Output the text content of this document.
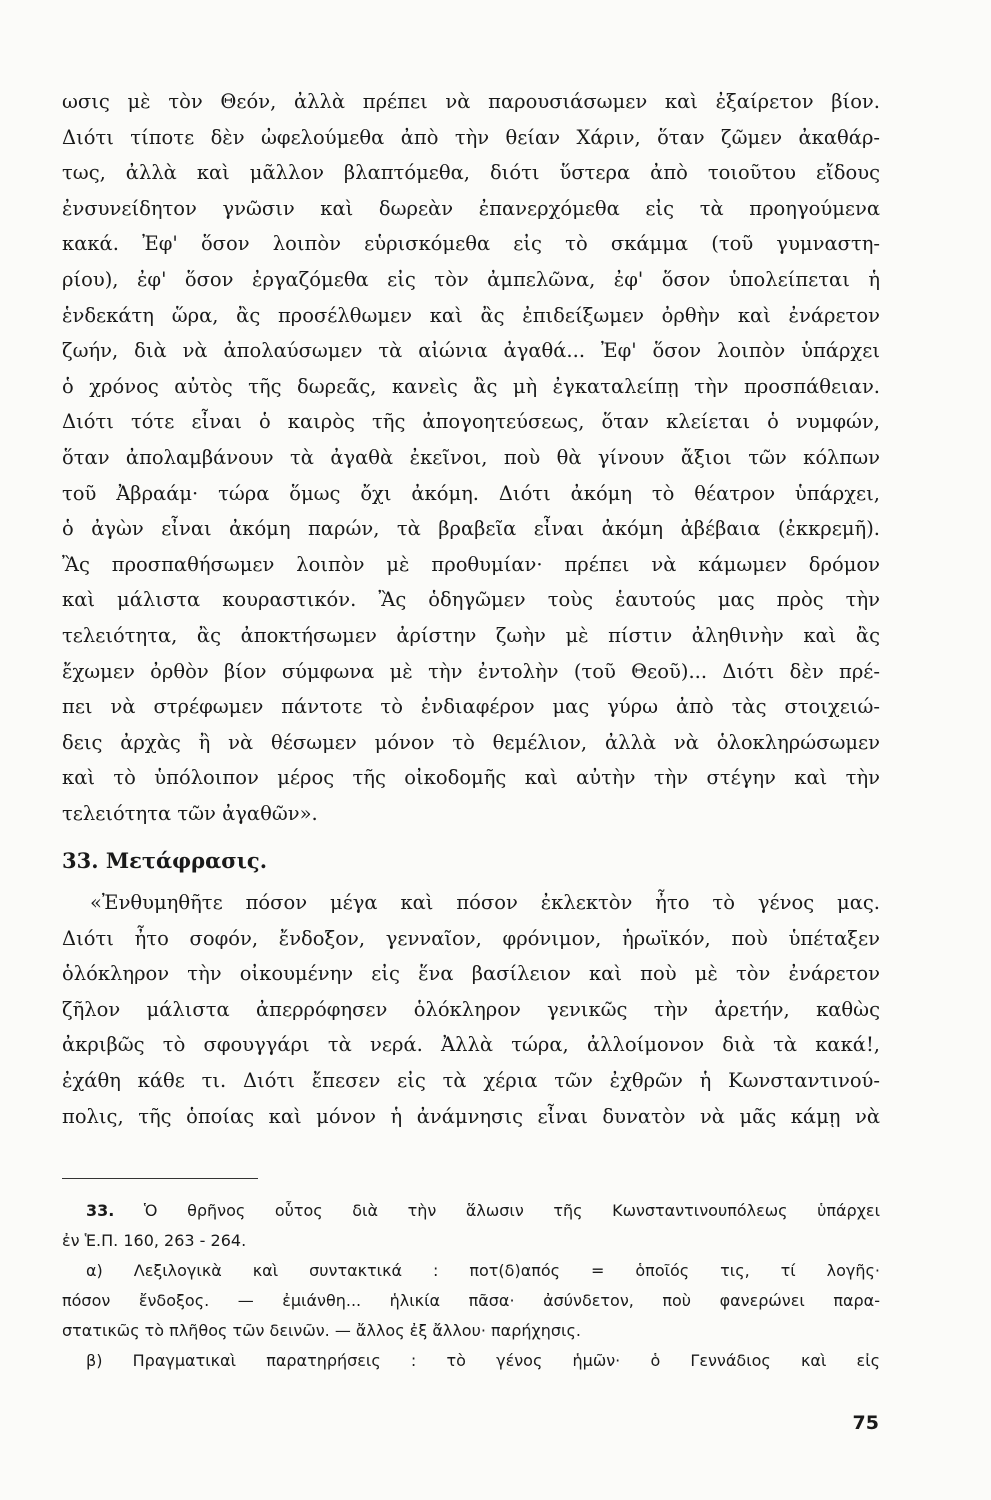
ωσις μὲ τὸν Θεόν, ἀλλὰ πρέπει νὰ παρουσιάσωμεν καὶ ἐξαίρετον βίον.
Διότι τίποτε δὲν ὠφελούμεθα ἀπὸ τὴν θείαν Χάριν, ὅταν ζῶμεν ἀκαθάρ-
τως, ἀλλὰ καὶ μᾶλλον βλαπτόμεθα, διότι ὕστερα ἀπὸ τοιοῦτου εἴδους
ἐνσυνείδητον γνῶσιν καὶ δωρεὰν ἐπανερχόμεθα εἰς τὰ προηγούμενα
κακά. Ἐφ' ὅσον λοιπὸν εὑρισκόμεθα εἰς τὸ σκάμμα (τοῦ γυμναστη-
ρίου), ἐφ' ὅσον ἐργαζόμεθα εἰς τὸν ἀμπελῶνα, ἐφ' ὅσον ὑπολείπεται ἡ
ἑνδεκάτη ὥρα, ἂς προσέλθωμεν καὶ ἂς ἐπιδείξωμεν ὀρθὴν καὶ ἐνάρετον
ζωήν, διὰ νὰ ἀπολαύσωμεν τὰ αἰώνια ἀγαθά... Ἐφ' ὅσον λοιπὸν ὑπάρχει
ὁ χρόνος αὐτὸς τῆς δωρεᾶς, κανεὶς ἂς μὴ ἐγκαταλείπῃ τὴν προσπάθειαν.
Διότι τότε εἶναι ὁ καιρὸς τῆς ἀπογοητεύσεως, ὅταν κλείεται ὁ νυμφών,
ὅταν ἀπολαμβάνουν τὰ ἀγαθὰ ἐκεῖνοι, ποὺ θὰ γίνουν ἄξιοι τῶν κόλπων
τοῦ Ἀβραάμ· τώρα ὅμως ὄχι ἀκόμη. Διότι ἀκόμη τὸ θέατρον ὑπάρχει,
ὁ ἀγὼν εἶναι ἀκόμη παρών, τὰ βραβεῖα εἶναι ἀκόμη ἀβέβαια (ἐκκρεμῆ).
Ἂς προσπαθήσωμεν λοιπὸν μὲ προθυμίαν· πρέπει νὰ κάμωμεν δρόμον
καὶ μάλιστα κουραστικόν. Ἂς ὁδηγῶμεν τοὺς ἑαυτούς μας πρὸς τὴν
τελειότητα, ἂς ἀποκτήσωμεν ἀρίστην ζωὴν μὲ πίστιν ἀληθινὴν καὶ ἂς
ἔχωμεν ὀρθὸν βίον σύμφωνα μὲ τὴν ἐντολὴν (τοῦ Θεοῦ)... Διότι δὲν πρέ-
πει νὰ στρέφωμεν πάντοτε τὸ ἐνδιαφέρον μας γύρω ἀπὸ τὰς στοιχειώ-
δεις ἀρχὰς ἢ νὰ θέσωμεν μόνον τὸ θεμέλιον, ἀλλὰ νὰ ὁλοκληρώσωμεν
καὶ τὸ ὑπόλοιπον μέρος τῆς οἰκοδομῆς καὶ αὐτὴν τὴν στέγην καὶ τὴν
τελειότητα τῶν ἀγαθῶν».

33. Μετάφρασις.

«Ἐνθυμηθῆτε πόσον μέγα καὶ πόσον ἐκλεκτὸν ἦτο τὸ γένος μας.
Διότι ἦτο σοφόν, ἔνδοξον, γενναῖον, φρόνιμον, ἡρωϊκόν, ποὺ ὑπέταξεν
ὁλόκληρον τὴν οἰκουμένην εἰς ἕνα βασίλειον καὶ ποὺ μὲ τὸν ἐνάρετον
ζῆλον μάλιστα ἀπερρόφησεν ὁλόκληρον γενικῶς τὴν ἀρετήν, καθὼς
ἀκριβῶς τὸ σφουγγάρι τὰ νερά. Ἀλλὰ τώρα, ἀλλοίμονον διὰ τὰ κακά!,
ἐχάθη κάθε τι. Διότι ἔπεσεν εἰς τὰ χέρια τῶν ἐχθρῶν ἡ Κωνσταντινού-
πολις, τῆς ὁποίας καὶ μόνον ἡ ἀνάμνησις εἶναι δυνατὸν νὰ μᾶς κάμῃ νὰ

33. Ὁ θρῆνος οὗτος διὰ τὴν ἅλωσιν τῆς Κωνσταντινουπόλεως ὑπάρχει
ἐν Ἑ.Π. 160, 263 - 264.
α) Λεξιλογικὰ καὶ συντακτικά : ποτ(δ)απός = ὁποῖός τις, τί λογῆς·
πόσον ἔνδοξος. — ἐμιάνθη... ἡλικία πᾶσα· ἀσύνδετον, ποὺ φανερώνει παρα-
στατικῶς τὸ πλῆθος τῶν δεινῶν. — ἄλλος ἐξ ἄλλου· παρήχησις.
β) Πραγματικαὶ παρατηρήσεις : τὸ γένος ἡμῶν· ὁ Γεννάδιος καὶ εἰς
75
